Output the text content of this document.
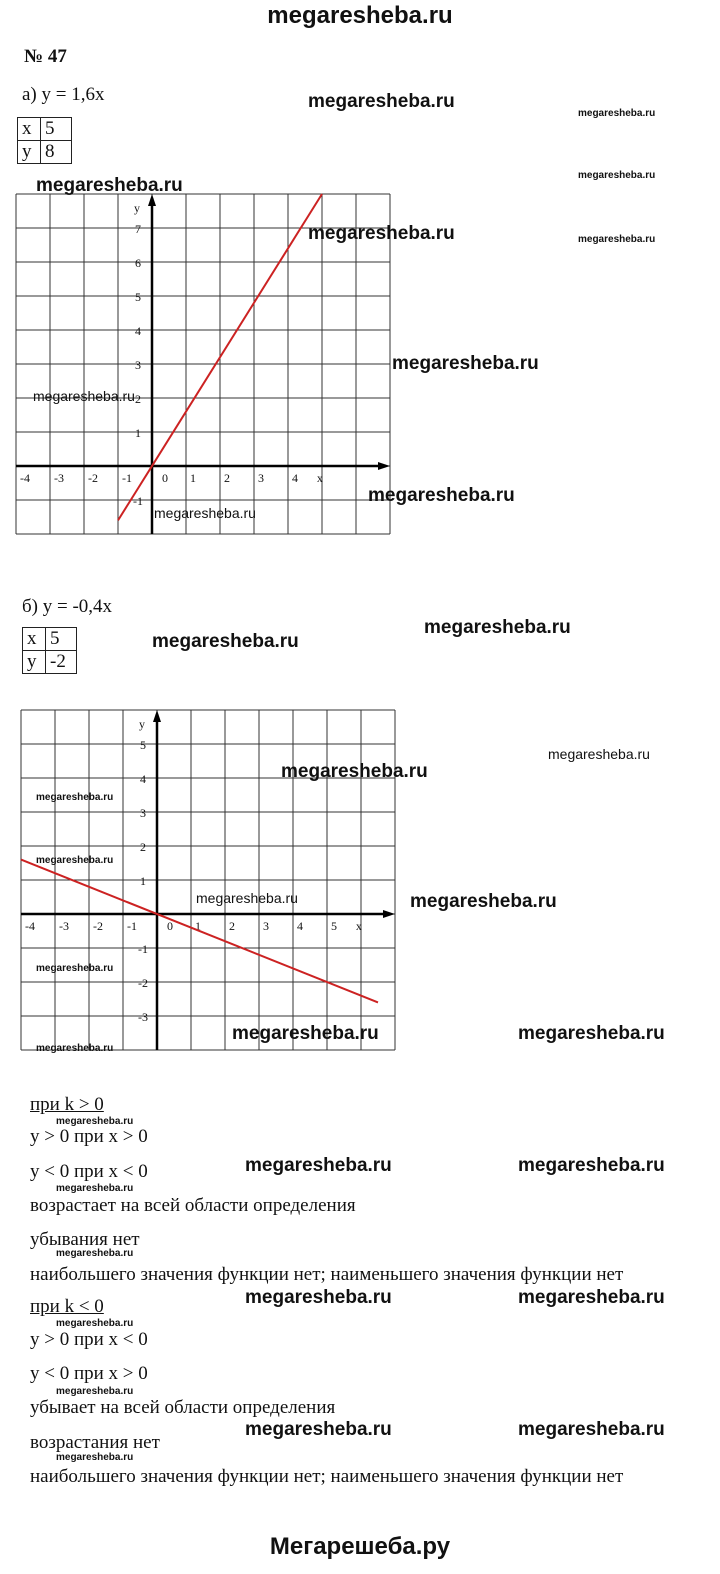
megaresheba.ru
Мегарешеба.ру
№ 47
а) y = 1,6x
x	5
y	8
-4 -3 -2 -1	0 1 2 3 4 x
7
6
5
4
3
2
1
-1
y
б) y = -0,4x
x	5
y	-2
-4 -3 -2 -1	0 1 2 3 4 5 x
5
4
3
2
1
-1
-2
-3
y
при k > 0
y > 0 при x > 0
y < 0 при x < 0
возрастает на всей области определения
убывания нет
наибольшего значения функции нет; наименьшего значения функции нет
при k < 0
y > 0 при x < 0
y < 0 при x > 0
убывает на всей области определения
возрастания нет
наибольшего значения функции нет; наименьшего значения функции нет
megaresheba.ru
megaresheba.ru
megaresheba.ru	megaresheba.ru
megaresheba.ru	megaresheba.ru
megaresheba.ru
megaresheba.ru
megaresheba.ru
megaresheba.ru
megaresheba.ru
megaresheba.ru
megaresheba.ru
megaresheba.ru
megaresheba.ru
megaresheba.ru
megaresheba.ru	megaresheba.ru
megaresheba.ru
megaresheba.ru	megaresheba.ru
megaresheba.ru
megaresheba.ru
megaresheba.ru	megaresheba.ru
megaresheba.ru
megaresheba.ru
megaresheba.ru	megaresheba.ru
megaresheba.ru
megaresheba.ru
megaresheba.ru	megaresheba.ru
megaresheba.ru
